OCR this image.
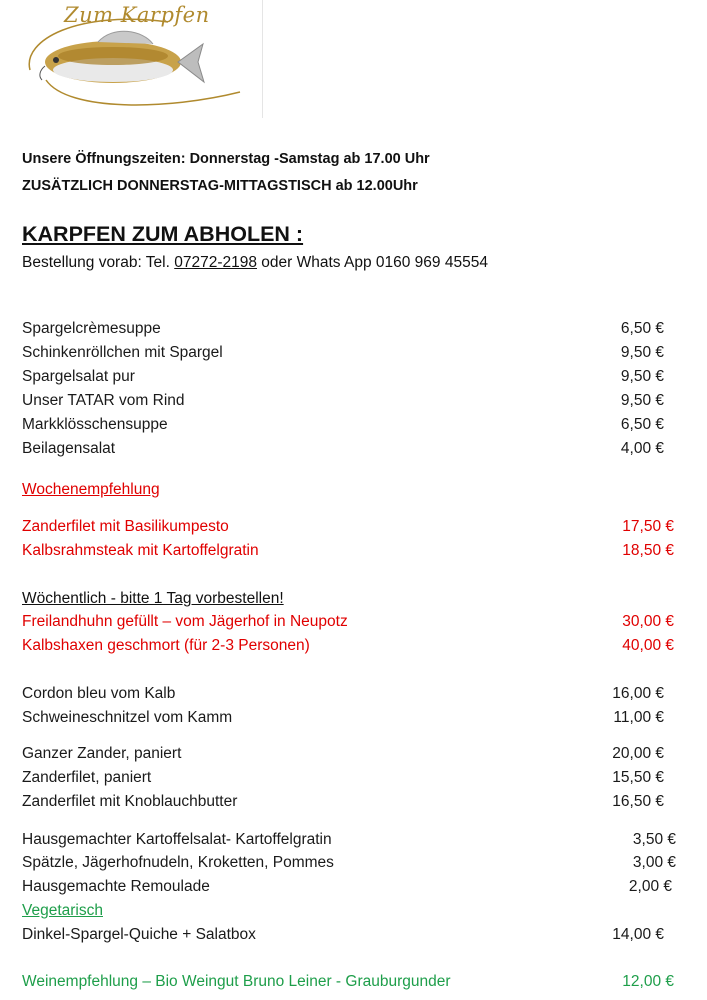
Zum Karpfen
Unsere Öffnungszeiten: Donnerstag -Samstag ab 17.00 Uhr
ZUSÄTZLICH DONNERSTAG-MITTAGSTISCH ab 12.00Uhr
KARPFEN ZUM ABHOLEN :
Bestellung vorab: Tel. 07272-2198 oder Whats App 0160 969 45554
Spargelcrèmesuppe	6,50 €
Schinkenröllchen mit Spargel	9,50 €
Spargelsalat pur	9,50 €
Unser TATAR vom Rind	9,50 €
Markklösschensuppe	6,50 €
Beilagensalat	4,00 €
Wochenempfehlung
Zanderfilet mit Basilikumpesto	17,50 €
Kalbsrahmsteak mit Kartoffelgratin	18,50 €
Wöchentlich - bitte 1 Tag vorbestellen!
Freilandhuhn gefüllt – vom Jägerhof in Neupotz	30,00 €
Kalbshaxen geschmort (für 2-3 Personen)	40,00 €
Cordon bleu vom Kalb	16,00 €
Schweineschnitzel vom Kamm	11,00 €
Ganzer Zander, paniert	20,00 €
Zanderfilet, paniert	15,50 €
Zanderfilet mit Knoblauchbutter	16,50 €
Hausgemachter Kartoffelsalat- Kartoffelgratin	3,50 €
Spätzle, Jägerhofnudeln, Kroketten, Pommes	3,00 €
Hausgemachte Remoulade	2,00 €
Vegetarisch
Dinkel-Spargel-Quiche + Salatbox	14,00 €
Weinempfehlung – Bio Weingut Bruno Leiner - Grauburgunder	12,00 €
